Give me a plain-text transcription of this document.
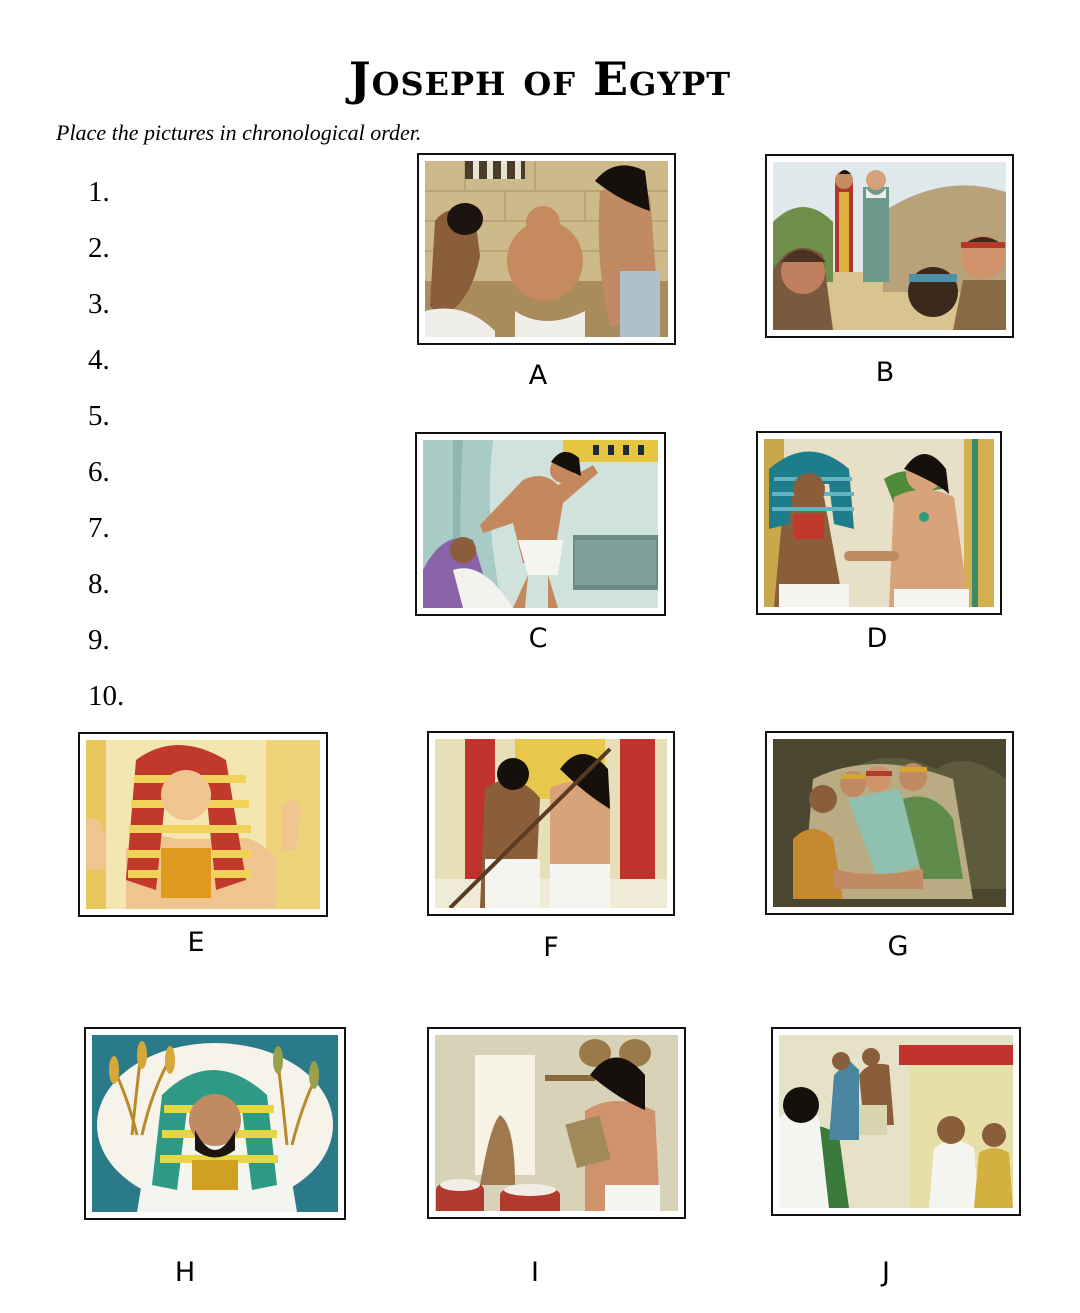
Joseph of Egypt
Place the pictures in chronological order.
1.
2.
3.
4.
5.
6.
7.
8.
9.
10.
A	B
C	D
E	F	G
H	I	J
